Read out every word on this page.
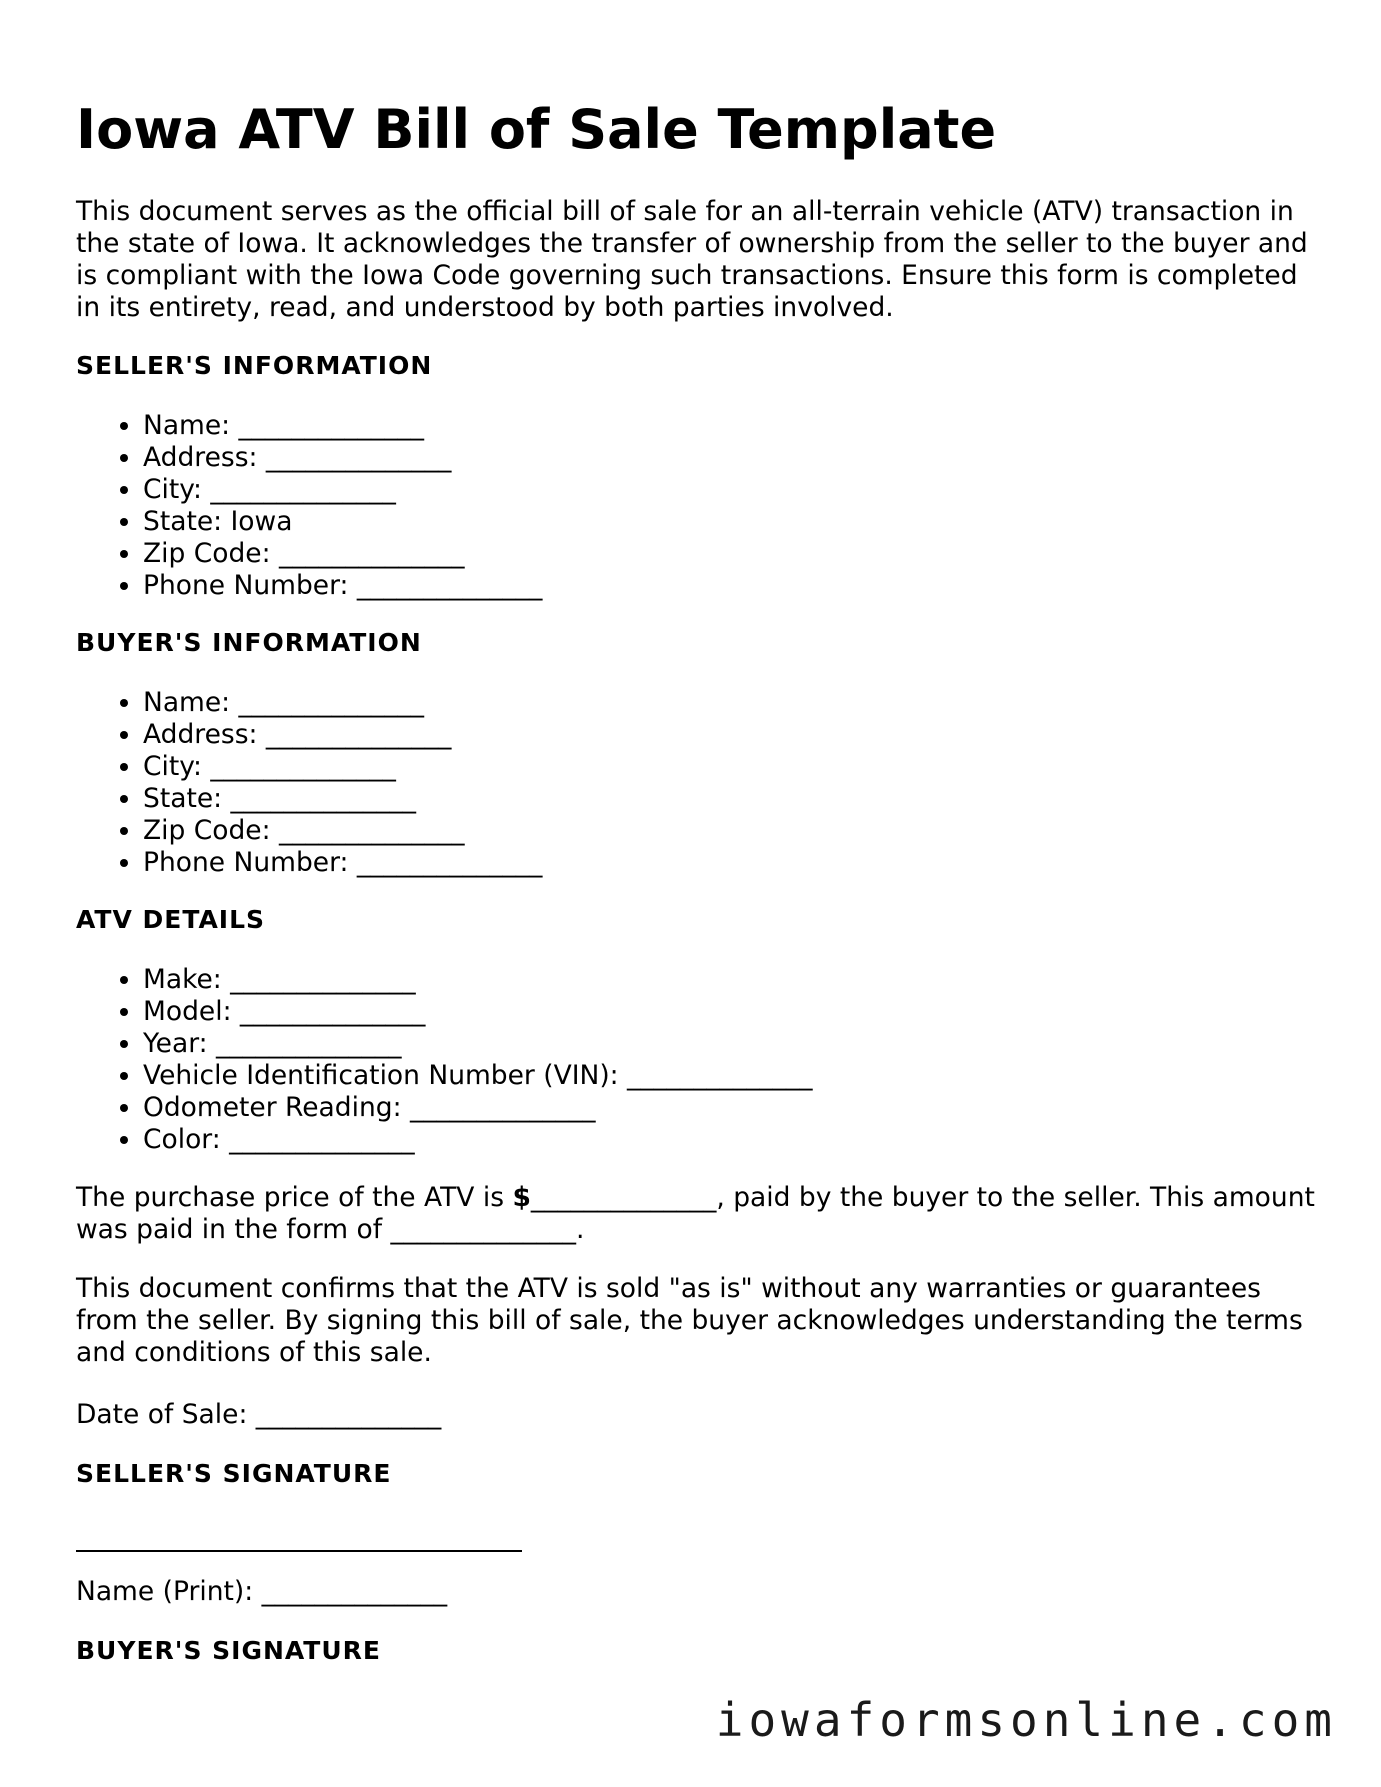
Iowa ATV Bill of Sale Template

This document serves as the official bill of sale for an all-terrain vehicle (ATV) transaction in the state of Iowa. It acknowledges the transfer of ownership from the seller to the buyer and is compliant with the Iowa Code governing such transactions. Ensure this form is completed in its entirety, read, and understood by both parties involved.

SELLER'S INFORMATION
• Name: ______________
• Address: ______________
• City: ______________
• State: Iowa
• Zip Code: ______________
• Phone Number: ______________
BUYER'S INFORMATION
• Name: ______________
• Address: ______________
• City: ______________
• State: ______________
• Zip Code: ______________
• Phone Number: ______________
ATV DETAILS
• Make: ______________
• Model: ______________
• Year: ______________
• Vehicle Identification Number (VIN): ______________
• Odometer Reading: ______________
• Color: ______________

The purchase price of the ATV is $______________, paid by the buyer to the seller. This amount was paid in the form of ______________.

This document confirms that the ATV is sold "as is" without any warranties or guarantees from the seller. By signing this bill of sale, the buyer acknowledges understanding the terms and conditions of this sale.

Date of Sale: ______________
SELLER'S SIGNATURE
Name (Print): ______________
BUYER'S SIGNATURE
iowaformsonline.com
